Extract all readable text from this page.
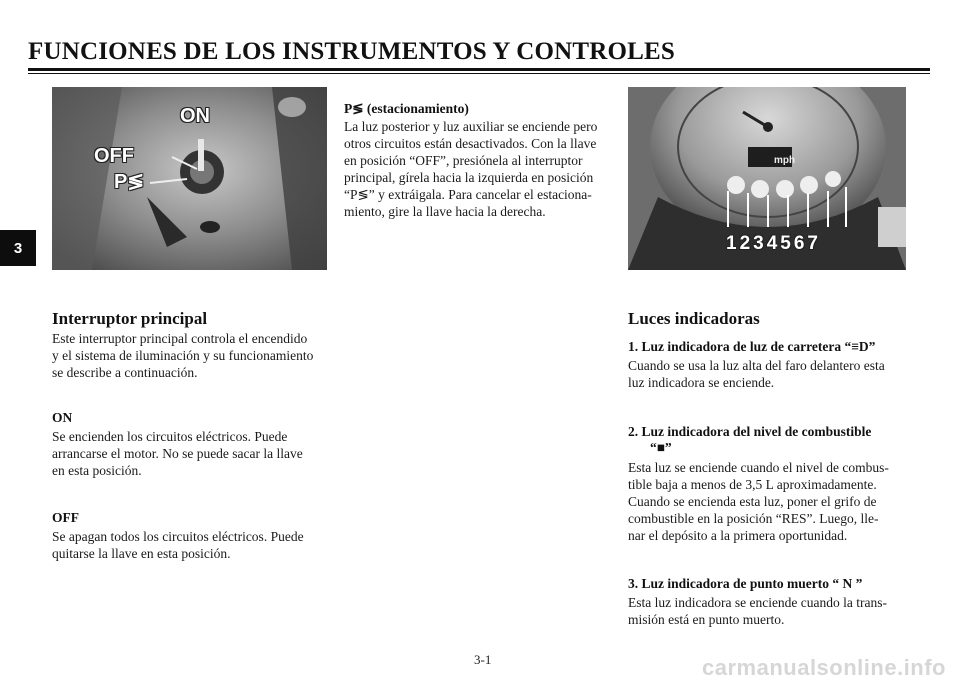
FUNCIONES DE LOS INSTRUMENTOS Y CONTROLES
3
ON
OFF
P≶
mph
1234567
P≶ (estacionamiento)

La luz posterior y luz auxiliar se enciende pero

otros circuitos están desactivados. Con la llave

en posición “OFF”, presiónela al interruptor

principal, gírela hacia la izquierda en posición

“P≶” y extráigala. Para cancelar el estaciona-

miento, gire la llave hacia la derecha.

Interruptor principal

Este interruptor principal controla el encendido

y el sistema de iluminación y su funcionamiento

se describe a continuación.

ON

Se encienden los circuitos eléctricos. Puede

arrancarse el motor. No se puede sacar la llave

en esta posición.

OFF

Se apagan todos los circuitos eléctricos. Puede

quitarse la llave en esta posición.

Luces indicadoras
1. Luz indicadora de luz de carretera “≡D”

Cuando se usa la luz alta del faro delantero esta

luz indicadora se enciende.

2. Luz indicadora del nivel de combustible
“■”

Esta luz se enciende cuando el nivel de combus-

tible baja a menos de 3,5 L aproximadamente.

Cuando se encienda esta luz, poner el grifo de

combustible en la posición “RES”. Luego, lle-

nar el depósito a la primera oportunidad.

3. Luz indicadora de punto muerto “ N ”

Esta luz indicadora se enciende cuando la trans-

misión está en punto muerto.

3-1	carmanualsonline.info
